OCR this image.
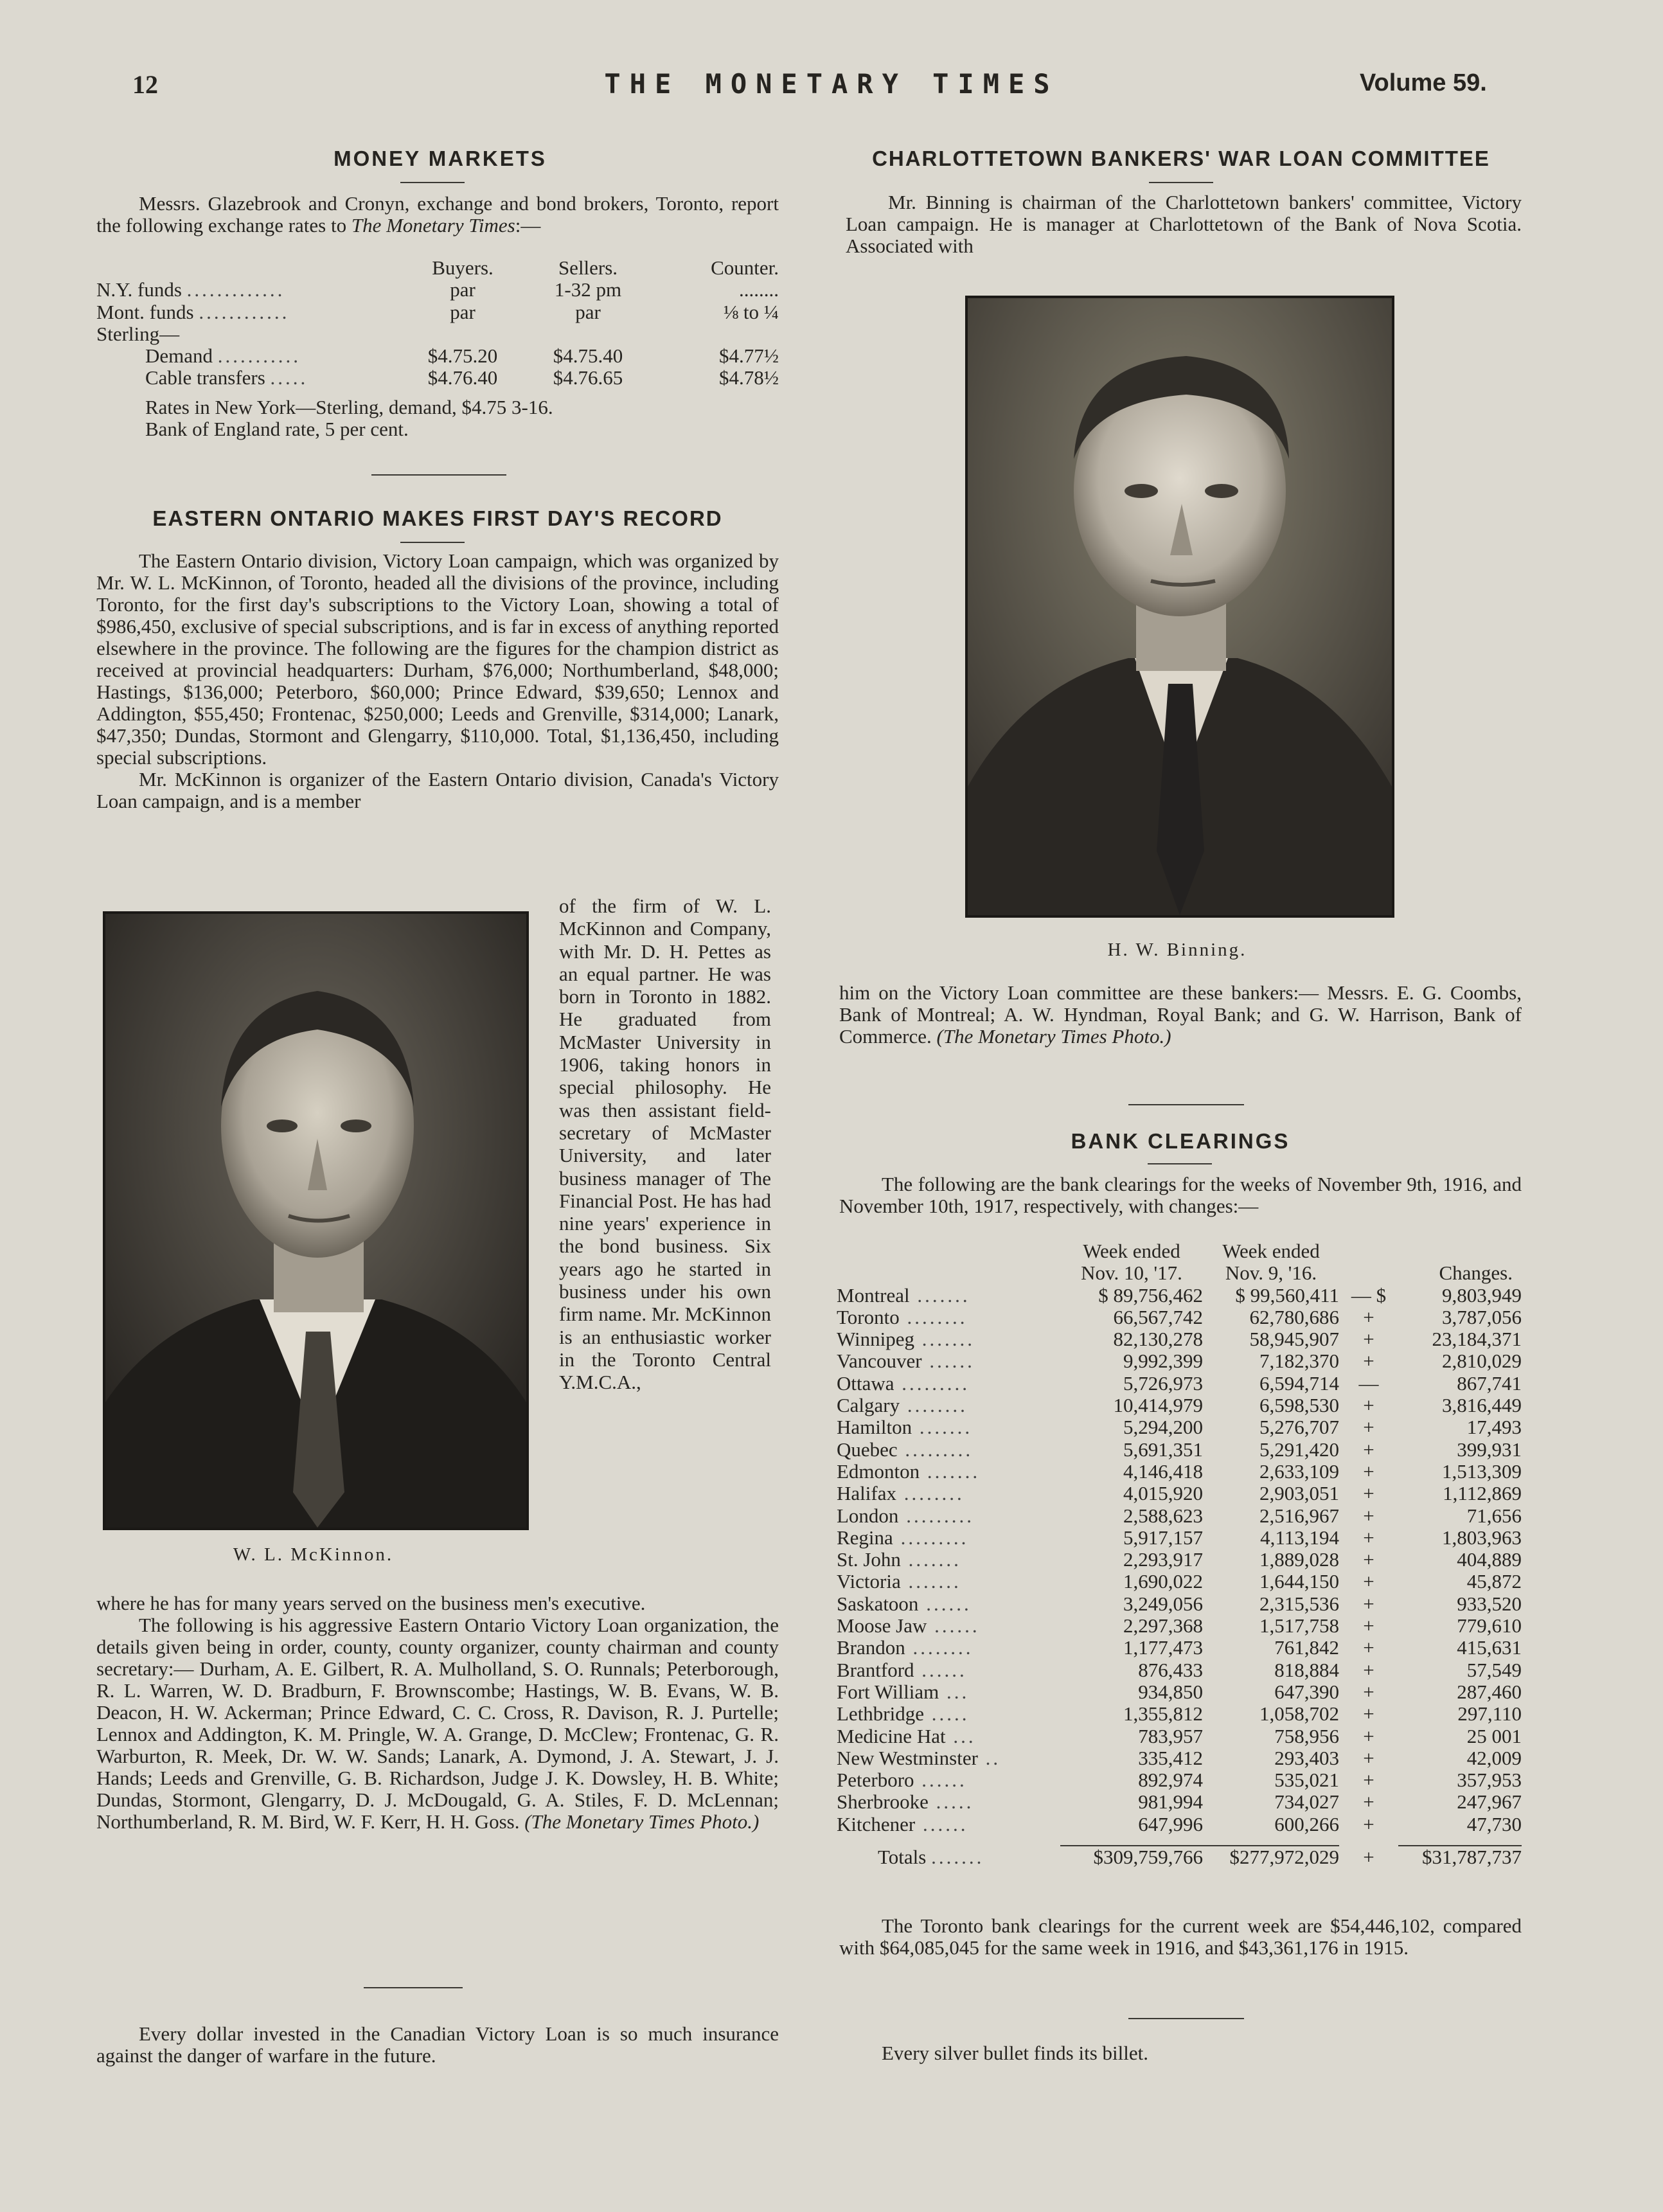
12	THE MONETARY TIMES	Volume 59.
MONEY MARKETS

Messrs. Glazebrook and Cronyn, exchange and bond brokers, Toronto, report the following exchange rates to The Monetary Times:—

	Buyers.	Sellers.	Counter.
N.Y. funds .............	par	1-32 pm	........
Mont. funds ............	par	par	⅛ to ¼
Sterling—			
Demand ...........	$4.75.20	$4.75.40	$4.77½
Cable transfers .....	$4.76.40	$4.76.65	$4.78½

Rates in New York—Sterling, demand, $4.75 3-16.

Bank of England rate, 5 per cent.

EASTERN ONTARIO MAKES FIRST DAY'S RECORD

The Eastern Ontario division, Victory Loan campaign, which was organized by Mr. W. L. McKinnon, of Toronto, headed all the divisions of the province, including Toronto, for the first day's subscriptions to the Victory Loan, showing a total of $986,450, exclusive of special subscriptions, and is far in excess of anything reported elsewhere in the province. The following are the figures for the champion district as received at provincial headquarters: Durham, $76,000; Northumberland, $48,000; Hastings, $136,000; Peterboro, $60,000; Prince Edward, $39,650; Lennox and Addington, $55,450; Frontenac, $250,000; Leeds and Grenville, $314,000; Lanark, $47,350; Dundas, Stormont and Glengarry, $110,000. Total, $1,136,450, including special subscriptions.

Mr. McKinnon is organizer of the Eastern Ontario division, Canada's Victory Loan campaign, and is a member

W. L. McKinnon.

of the firm of W. L. McKinnon and Company, with Mr. D. H. Pettes as an equal partner. He was born in Toronto in 1882. He graduated from McMaster University in 1906, taking honors in special philosophy. He was then assistant field-secretary of McMaster University, and later business manager of The Financial Post. He has had nine years' experience in the bond business. Six years ago he started in business under his own firm name. Mr. McKinnon is an enthusiastic worker in the Toronto Central Y.M.C.A.,

where he has for many years served on the business men's executive.

The following is his aggressive Eastern Ontario Victory Loan organization, the details given being in order, county, county organizer, county chairman and county secretary:— Durham, A. E. Gilbert, R. A. Mulholland, S. O. Runnals; Peterborough, R. L. Warren, W. D. Bradburn, F. Brownscombe; Hastings, W. B. Evans, W. B. Deacon, H. W. Ackerman; Prince Edward, C. C. Cross, R. Davison, R. J. Purtelle; Lennox and Addington, K. M. Pringle, W. A. Grange, D. McClew; Frontenac, G. R. Warburton, R. Meek, Dr. W. W. Sands; Lanark, A. Dymond, J. A. Stewart, J. J. Hands; Leeds and Grenville, G. B. Richardson, Judge J. K. Dowsley, H. B. White; Dundas, Stormont, Glengarry, D. J. McDougald, G. A. Stiles, F. D. McLennan; Northumberland, R. M. Bird, W. F. Kerr, H. H. Goss. (The Monetary Times Photo.)

Every dollar invested in the Canadian Victory Loan is so much insurance against the danger of warfare in the future.

CHARLOTTETOWN BANKERS' WAR LOAN COMMITTEE

Mr. Binning is chairman of the Charlottetown bankers' committee, Victory Loan campaign. He is manager at Charlottetown of the Bank of Nova Scotia. Associated with

H. W. Binning.

him on the Victory Loan committee are these bankers:— Messrs. E. G. Coombs, Bank of Montreal; A. W. Hyndman, Royal Bank; and G. W. Harrison, Bank of Commerce. (The Monetary Times Photo.)

BANK CLEARINGS

The following are the bank clearings for the weeks of November 9th, 1916, and November 10th, 1917, respectively, with changes:—

	Week ended	Week ended		
	Nov. 10, '17.	Nov. 9, '16.	Changes.	
Montreal .......	$ 89,756,462	$ 99,560,411	— $	9,803,949
Toronto ........	66,567,742	62,780,686	+	3,787,056
Winnipeg .......	82,130,278	58,945,907	+	23,184,371
Vancouver ......	9,992,399	7,182,370	+	2,810,029
Ottawa .........	5,726,973	6,594,714	—	867,741
Calgary ........	10,414,979	6,598,530	+	3,816,449
Hamilton .......	5,294,200	5,276,707	+	17,493
Quebec .........	5,691,351	5,291,420	+	399,931
Edmonton .......	4,146,418	2,633,109	+	1,513,309
Halifax ........	4,015,920	2,903,051	+	1,112,869
London .........	2,588,623	2,516,967	+	71,656
Regina .........	5,917,157	4,113,194	+	1,803,963
St. John .......	2,293,917	1,889,028	+	404,889
Victoria .......	1,690,022	1,644,150	+	45,872
Saskatoon ......	3,249,056	2,315,536	+	933,520
Moose Jaw ......	2,297,368	1,517,758	+	779,610
Brandon ........	1,177,473	761,842	+	415,631
Brantford ......	876,433	818,884	+	57,549
Fort William ...	934,850	647,390	+	287,460
Lethbridge .....	1,355,812	1,058,702	+	297,110
Medicine Hat ...	783,957	758,956	+	25 001
New Westminster ..	335,412	293,403	+	42,009
Peterboro ......	892,974	535,021	+	357,953
Sherbrooke .....	981,994	734,027	+	247,967
Kitchener ......	647,996	600,266	+	47,730

Totals .......	$309,759,766	$277,972,029	+	$31,787,737

The Toronto bank clearings for the current week are $54,446,102, compared with $64,085,045 for the same week in 1916, and $43,361,176 in 1915.

Every silver bullet finds its billet.
